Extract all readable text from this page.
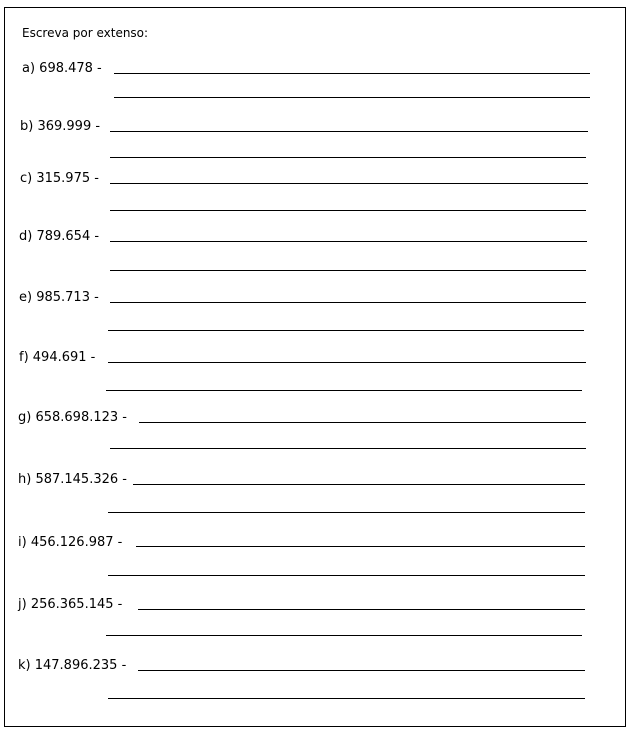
Escreva por extenso:
a) 698.478 -
b) 369.999 -
c) 315.975 -
d) 789.654 -
e) 985.713 -
f) 494.691 -
g) 658.698.123 -
h) 587.145.326 -
i) 456.126.987 -
j) 256.365.145 -
k) 147.896.235 -
